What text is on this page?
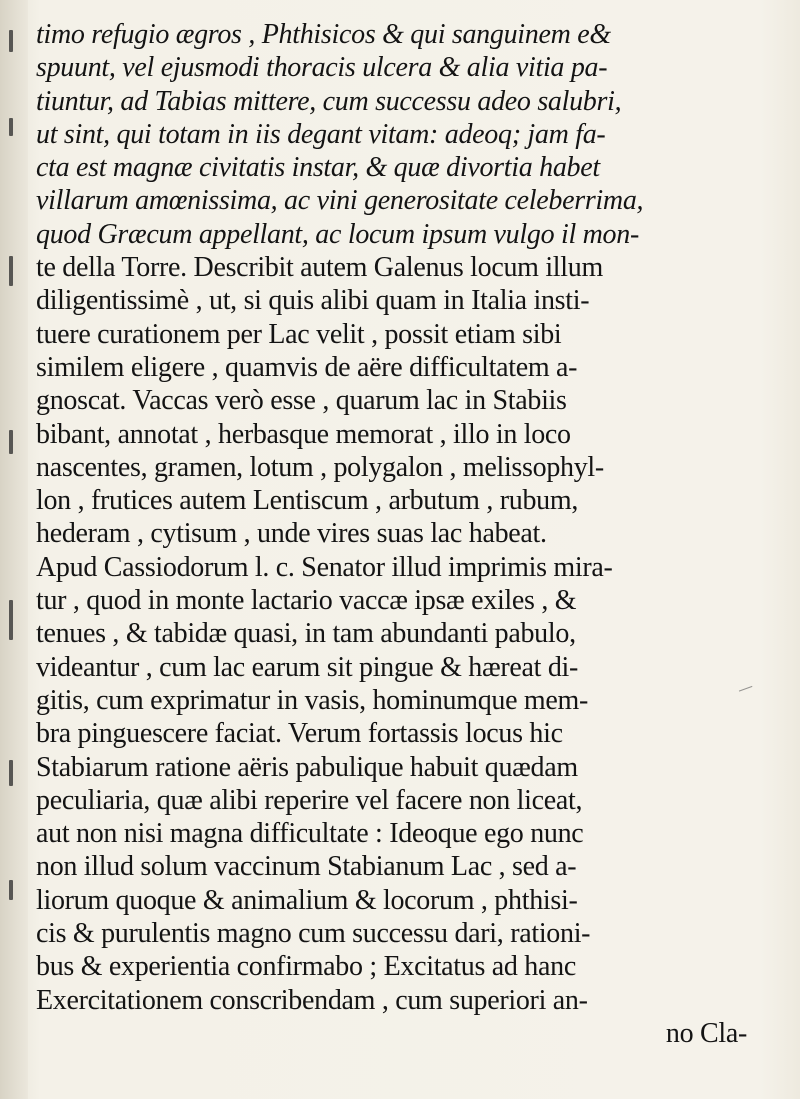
timo refugio ægros , Phthisicos & qui sanguinem e&
spuunt, vel ejusmodi thoracis ulcera & alia vitia pa-
tiuntur, ad Tabias mittere, cum successu adeo salubri,
ut sint, qui totam in iis degant vitam: adeoq; jam fa-
cta est magnæ civitatis instar, & quæ divortia habet
villarum amœnissima, ac vini generositate celeberrima,
quod Græcum appellant, ac locum ipsum vulgo il mon-
te della Torre. Describit autem Galenus locum illum
diligentissimè , ut, si quis alibi quam in Italia insti-
tuere curationem per Lac velit , possit etiam sibi
similem eligere , quamvis de aëre difficultatem a-
gnoscat. Vaccas verò esse , quarum lac in Stabiis
bibant, annotat , herbasque memorat , illo in loco
nascentes, gramen, lotum , polygalon , melissophyl-
lon , frutices autem Lentiscum , arbutum , rubum,
hederam , cytisum , unde vires suas lac habeat.
Apud Cassiodorum l. c. Senator illud imprimis mira-
tur , quod in monte lactario vaccæ ipsæ exiles , &
tenues , & tabidæ quasi, in tam abundanti pabulo,
videantur , cum lac earum sit pingue & hæreat di-
gitis, cum exprimatur in vasis, hominumque mem-
bra pinguescere faciat. Verum fortassis locus hic
Stabiarum ratione aëris pabulique habuit quædam
peculiaria, quæ alibi reperire vel facere non liceat,
aut non nisi magna difficultate : Ideoque ego nunc
non illud solum vaccinum Stabianum Lac , sed a-
liorum quoque & animalium & locorum , phthisi-
cis & purulentis magno cum successu dari, rationi-
bus & experientia confirmabo ; Excitatus ad hanc
Exercitationem conscribendam , cum superiori an-
no Cla-
